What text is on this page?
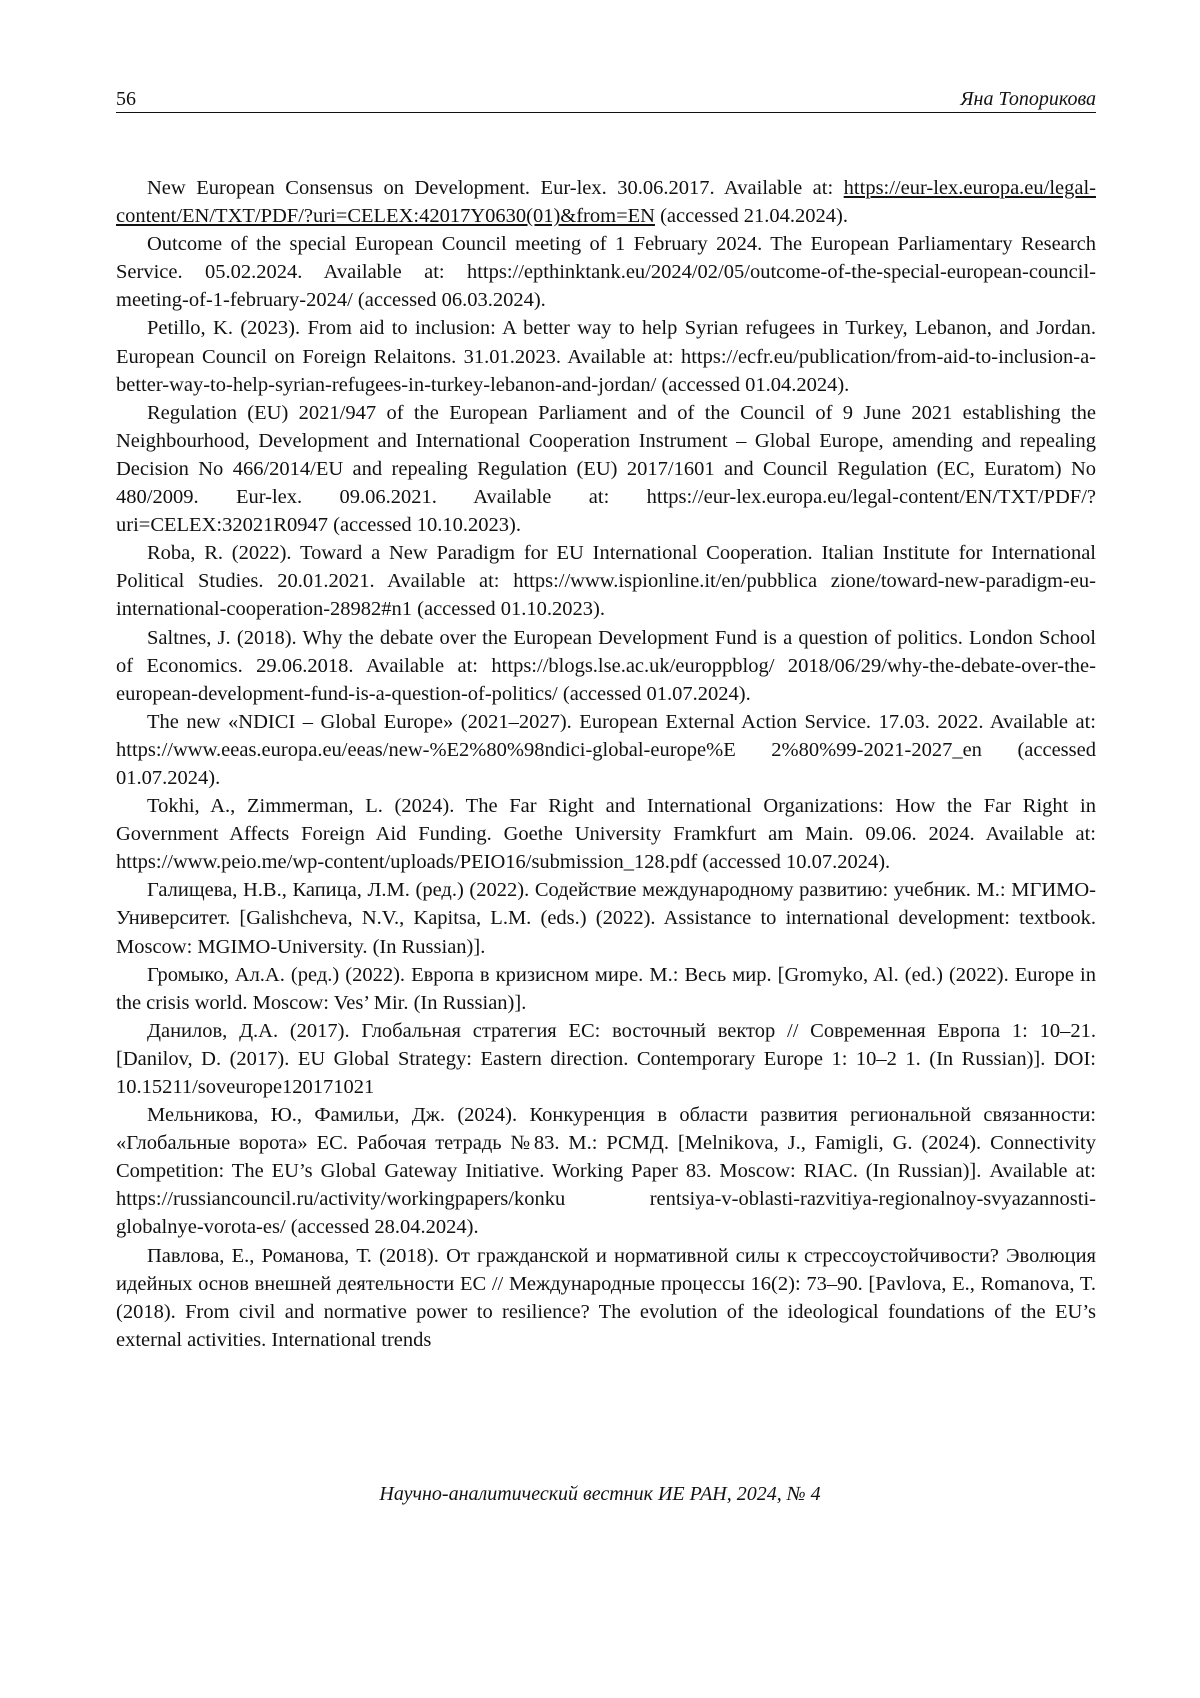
56	Яна Топорикова

New European Consensus on Development. Eur-lex. 30.06.2017. Available at: https://eur-lex.europa.eu/legal-content/EN/TXT/PDF/?uri=CELEX:42017Y0630(01)&from=EN (accessed 21.04.2024).

Outcome of the special European Council meeting of 1 February 2024. The European Parliamentary Research Service. 05.02.2024. Available at: https://epthinktank.eu/2024/02/05/outcome-of-the-special-european-council-meeting-of-1-february-2024/ (accessed 06.03.2024).

Petillo, K. (2023). From aid to inclusion: A better way to help Syrian refugees in Turkey, Lebanon, and Jordan. European Council on Foreign Relaitons. 31.01.2023. Available at: https://ecfr.eu/publication/from-aid-to-inclusion-a-better-way-to-help-syrian-refugees-in-turkey-lebanon-and-jordan/ (accessed 01.04.2024).

Regulation (EU) 2021/947 of the European Parliament and of the Council of 9 June 2021 establishing the Neighbourhood, Development and International Cooperation Instrument – Global Europe, amending and repealing Decision No 466/2014/EU and repealing Regulation (EU) 2017/1601 and Council Regulation (EC, Euratom) No 480/2009. Eur-lex. 09.06.2021. Available at: https://eur-lex.europa.eu/legal-content/EN/TXT/PDF/?uri=CELEX:32021R0947 (accessed 10.10.2023).

Roba, R. (2022). Toward a New Paradigm for EU International Cooperation. Italian Institute for International Political Studies. 20.01.2021. Available at: https://www.ispionline.it/en/pubblica zione/toward-new-paradigm-eu-international-cooperation-28982#n1 (accessed 01.10.2023).

Saltnes, J. (2018). Why the debate over the European Development Fund is a question of politics. London School of Economics. 29.06.2018. Available at: https://blogs.lse.ac.uk/europpblog/ 2018/06/29/why-the-debate-over-the-european-development-fund-is-a-question-of-politics/ (accessed 01.07.2024).

The new «NDICI – Global Europe» (2021–2027). European External Action Service. 17.03. 2022. Available at: https://www.eeas.europa.eu/eeas/new-%E2%80%98ndici-global-europe%E 2%80%99-2021-2027_en (accessed 01.07.2024).

Tokhi, A., Zimmerman, L. (2024). The Far Right and International Organizations: How the Far Right in Government Affects Foreign Aid Funding. Goethe University Framkfurt am Main. 09.06. 2024. Available at: https://www.peio.me/wp-content/uploads/PEIO16/submission_128.pdf (accessed 10.07.2024).

Галищева, Н.В., Капица, Л.М. (ред.) (2022). Содействие международному развитию: учебник. М.: МГИМО-Университет. [Galishcheva, N.V., Kapitsa, L.M. (eds.) (2022). Assistance to international development: textbook. Moscow: MGIMO-University. (In Russian)].

Громыко, Ал.А. (ред.) (2022). Европа в кризисном мире. М.: Весь мир. [Gromyko, Al. (ed.) (2022). Europe in the crisis world. Moscow: Ves’ Mir. (In Russian)].

Данилов, Д.А. (2017). Глобальная стратегия ЕС: восточный вектор // Современная Европа 1: 10–21. [Danilov, D. (2017). EU Global Strategy: Eastern direction. Contemporary Europe 1: 10–2 1. (In Russian)]. DOI: 10.15211/soveurope120171021

Мельникова, Ю., Фамильи, Дж. (2024). Конкуренция в области развития региональной связанности: «Глобальные ворота» ЕС. Рабочая тетрадь №83. М.: РСМД. [Melnikova, J., Famigli, G. (2024). Connectivity Competition: The EU’s Global Gateway Initiative. Working Paper 83. Moscow: RIAC. (In Russian)]. Available at: https://russiancouncil.ru/activity/workingpapers/konku rentsiya-v-oblasti-razvitiya-regionalnoy-svyazannosti-globalnye-vorota-es/ (accessed 28.04.2024).

Павлова, Е., Романова, Т. (2018). От гражданской и нормативной силы к стрессоустойчивости? Эволюция идейных основ внешней деятельности ЕС // Международные процессы 16(2): 73–90. [Pavlova, E., Romanova, T. (2018). From civil and normative power to resilience? The evolution of the ideological foundations of the EU’s external activities. International trends

Научно-аналитический вестник ИЕ РАН, 2024, № 4
